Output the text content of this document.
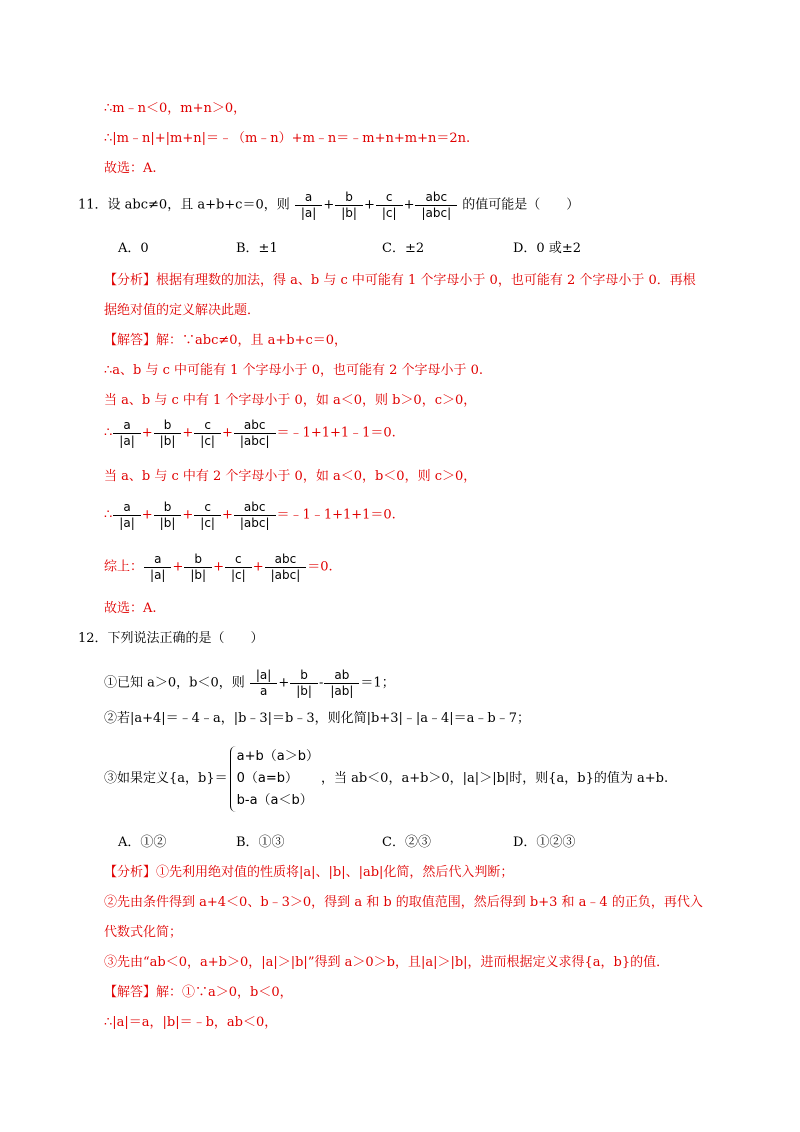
∴m﹣n＜0，m+n＞0，
∴|m﹣n|+|m+n|＝﹣（m﹣n）+m﹣n＝﹣m+n+m+n＝2n.
故选：A.
11．设 abc≠0，且 a+b+c＝0，则 a
| a | + b
| b | + c
| c | + abc
| abc | 的值可能是（　　）
A．0	B．±1	C．±2	D．0 或±2
【分析】根据有理数的加法，得 a、b 与 c 中可能有 1 个字母小于 0，也可能有 2 个字母小于 0．再根
据绝对值的定义解决此题．
【解答】解：∵abc≠0，且 a+b+c＝0，
∴a、b 与 c 中可能有 1 个字母小于 0，也可能有 2 个字母小于 0.
当 a、b 与 c 中有 1 个字母小于 0，如 a＜0，则 b＞0，c＞0，
∴ a
| a | + b
| b | + c
| c | + abc
| abc | ＝﹣1+1+1﹣1＝0.
当 a、b 与 c 中有 2 个字母小于 0，如 a＜0，b＜0，则 c＞0，
∴ a
| a | + b
| b | + c
| c | + abc
| abc | ＝﹣1﹣1+1+1＝0.
综上： a
| a | + b
| b | + c
| c | + abc
| abc | ＝0.
故选：A.
12．下列说法正确的是（　　）
①已知 a＞0，b＜0，则 $\frac{|a|}{a} + \frac{b}{|b|} - \frac{ab}{|ab|} =1$；
②若|a+4|＝﹣4﹣a，|b﹣3|＝b﹣3，则化简|b+3|﹣|a﹣4|＝a﹣b﹣7；
③如果定义{a，b}＝
a+b（a＞b）
0（a=b）
b-a（a＜b）
，当 ab＜0，a+b＞0，|a|＞|b|时，则{a，b}的值为 a+b.
A．①②	B．①③	C．②③	D．①②③
【分析】①先利用绝对值的性质将|a|、|b|、|ab|化简，然后代入判断；
②先由条件得到 a+4＜0、b﹣3＞0，得到 a 和 b 的取值范围，然后得到 b+3 和 a﹣4 的正负，再代入
代数式化简；
③先由“ab＜0，a+b＞0，|a|＞|b|”得到 a＞0＞b，且|a|＞|b|，进而根据定义求得{a，b}的值．
【解答】解：①∵a＞0，b＜0，
∴|a|＝a，|b|＝﹣b，ab＜0，
